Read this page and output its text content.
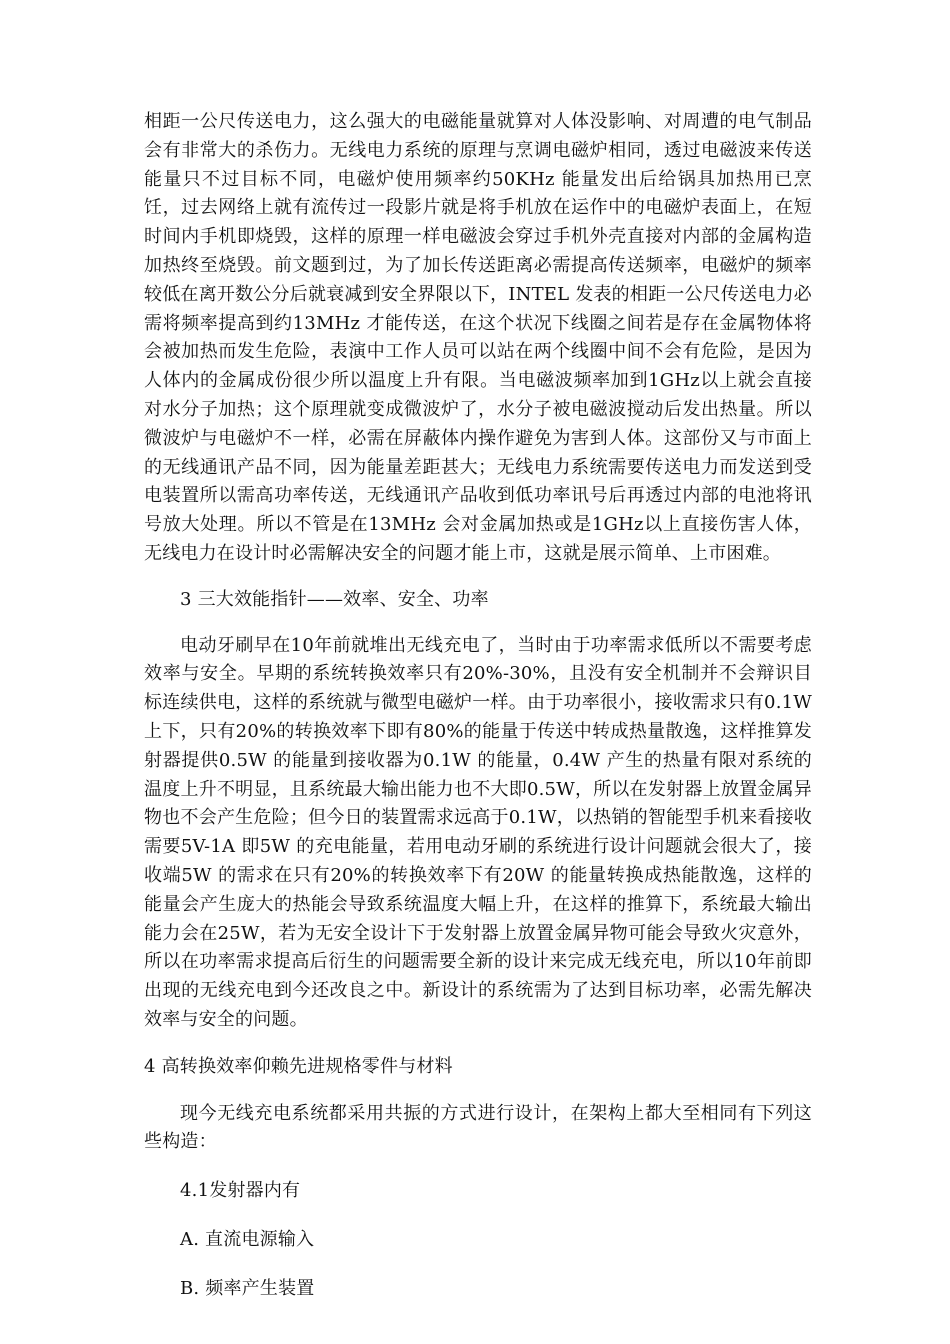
相距一公尺传送电力，这么强大的电磁能量就算对人体没影响、对周遭的电气制品会有非常大的杀伤力。无线电力系统的原理与烹调电磁炉相同，透过电磁波来传送能量只不过目标不同，电磁炉使用频率约50KHz 能量发出后给锅具加热用已烹饪，过去网络上就有流传过一段影片就是将手机放在运作中的电磁炉表面上，在短时间内手机即烧毁，这样的原理一样电磁波会穿过手机外壳直接对内部的金属构造加热终至烧毁。前文题到过，为了加长传送距离必需提高传送频率，电磁炉的频率较低在离开数公分后就衰减到安全界限以下，INTEL 发表的相距一公尺传送电力必需将频率提高到约13MHz 才能传送，在这个状况下线圈之间若是存在金属物体将会被加热而发生危险，表演中工作人员可以站在两个线圈中间不会有危险，是因为人体内的金属成份很少所以温度上升有限。当电磁波频率加到1GHz以上就会直接对水分子加热；这个原理就变成微波炉了，水分子被电磁波搅动后发出热量。所以微波炉与电磁炉不一样，必需在屏蔽体内操作避免为害到人体。这部份又与市面上的无线通讯产品不同，因为能量差距甚大；无线电力系统需要传送电力而发送到受电装置所以需高功率传送，无线通讯产品收到低功率讯号后再透过内部的电池将讯号放大处理。所以不管是在13MHz 会对金属加热或是1GHz以上直接伤害人体，无线电力在设计时必需解决安全的问题才能上市，这就是展示简单、上市困难。

3 三大效能指针——效率、安全、功率

电动牙刷早在10年前就堆出无线充电了，当时由于功率需求低所以不需要考虑效率与安全。早期的系统转换效率只有20%-30%，且没有安全机制并不会辩识目标连续供电，这样的系统就与微型电磁炉一样。由于功率很小，接收需求只有0.1W 上下，只有20%的转换效率下即有80%的能量于传送中转成热量散逸，这样推算发射器提供0.5W 的能量到接收器为0.1W 的能量，0.4W 产生的热量有限对系统的温度上升不明显，且系统最大输出能力也不大即0.5W，所以在发射器上放置金属异物也不会产生危险；但今日的装置需求远高于0.1W，以热销的智能型手机来看接收需要5V-1A 即5W 的充电能量，若用电动牙刷的系统进行设计问题就会很大了，接收端5W 的需求在只有20%的转换效率下有20W 的能量转换成热能散逸，这样的能量会产生庞大的热能会导致系统温度大幅上升，在这样的推算下，系统最大输出能力会在25W，若为无安全设计下于发射器上放置金属异物可能会导致火灾意外，所以在功率需求提高后衍生的问题需要全新的设计来完成无线充电，所以10年前即出现的无线充电到今还改良之中。新设计的系统需为了达到目标功率，必需先解决效率与安全的问题。

4 高转换效率仰赖先进规格零件与材料

现今无线充电系统都采用共振的方式进行设计，在架构上都大至相同有下列这些构造：

4.1发射器内有

A. 直流电源输入

B. 频率产生装置
